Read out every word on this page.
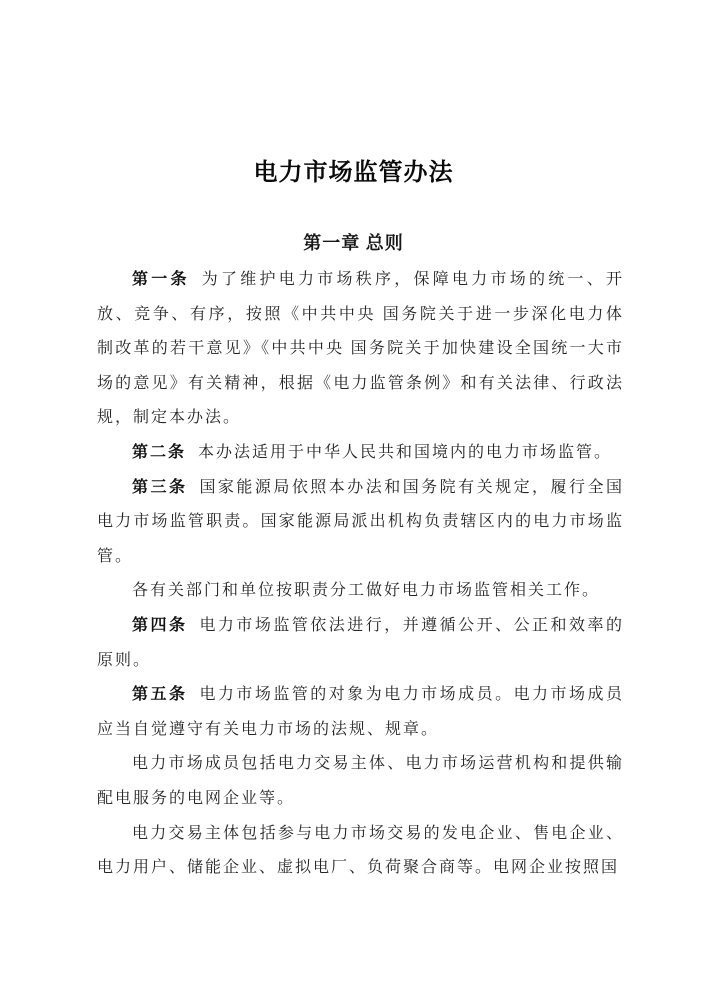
电力市场监管办法
第一章 总则

第一条 为了维护电力市场秩序，保障电力市场的统一、开放、竞争、有序，按照《中共中央 国务院关于进一步深化电力体制改革的若干意见》《中共中央 国务院关于加快建设全国统一大市场的意见》有关精神，根据《电力监管条例》和有关法律、行政法规，制定本办法。

第二条 本办法适用于中华人民共和国境内的电力市场监管。

第三条 国家能源局依照本办法和国务院有关规定，履行全国电力市场监管职责。国家能源局派出机构负责辖区内的电力市场监管。

各有关部门和单位按职责分工做好电力市场监管相关工作。

第四条 电力市场监管依法进行，并遵循公开、公正和效率的原则。

第五条 电力市场监管的对象为电力市场成员。电力市场成员应当自觉遵守有关电力市场的法规、规章。

电力市场成员包括电力交易主体、电力市场运营机构和提供输配电服务的电网企业等。

电力交易主体包括参与电力市场交易的发电企业、售电企业、电力用户、储能企业、虚拟电厂、负荷聚合商等。电网企业按照国
